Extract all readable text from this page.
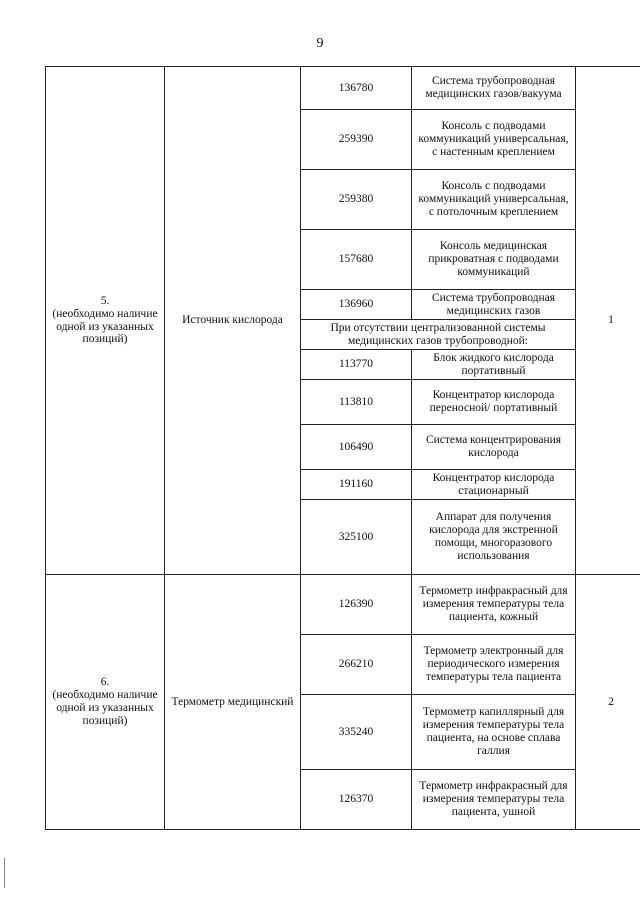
9
5.
(необходимо наличие одной из указанных позиций)	Источник кислорода	136780	Система трубопроводная медицинских газов/вакуума	1
		259390	Консоль с подводами коммуникаций универсальная, с настенным креплением	
		259380	Консоль с подводами коммуникаций универсальная, с потолочным креплением	
		157680	Консоль медицинская прикроватная с подводами коммуникаций	
		136960	Система трубопроводная медицинских газов	
		При отсутствии централизованной системы медицинских газов трубопроводной:		
		113770	Блок жидкого кислорода портативный	
		113810	Концентратор кислорода переносной/ портативный	
		106490	Система концентрирования кислорода	
		191160	Концентратор кислорода стационарный	
		325100	Аппарат для получения кислорода для экстренной помощи, многоразового использования	

6.
(необходимо наличие одной из указанных позиций)	Термометр медицинский	126390	Термометр инфракрасный для измерения температуры тела пациента, кожный	2
		266210	Термометр электронный для периодического измерения температуры тела пациента	
		335240	Термометр капиллярный для измерения температуры тела пациента, на основе сплава галлия	
		126370	Термометр инфракрасный для измерения температуры тела пациента, ушной	
